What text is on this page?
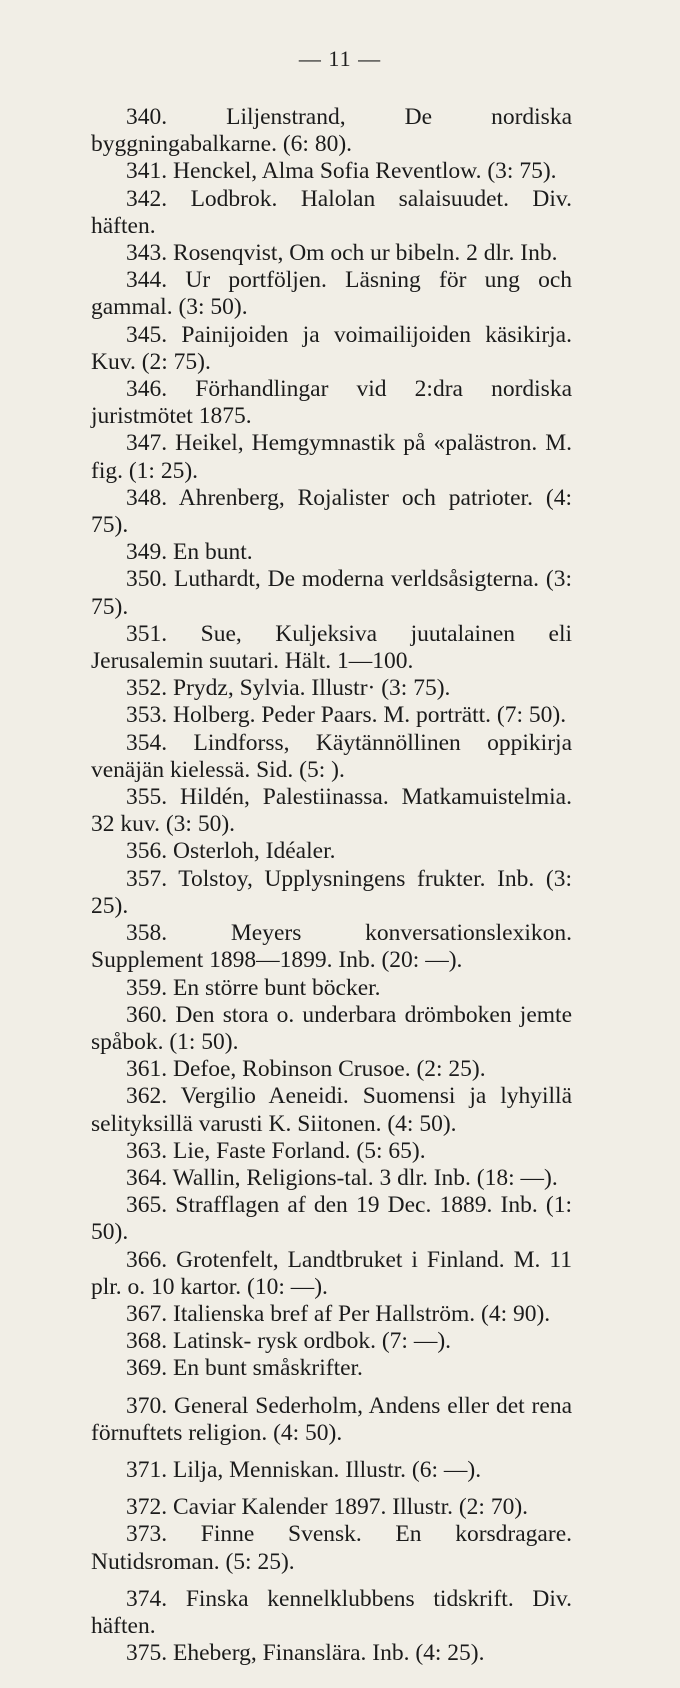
— 11 —

340.	Liljenstrand, De nordiska byggningabalkarne. (6: 80).

341. Henckel, Alma Sofia Reventlow. (3: 75).

342. Lodbrok. Halolan salaisuudet. Div. häften.

343. Rosenqvist, Om och ur bibeln. 2 dlr. Inb.

344. Ur portföljen. Läsning för ung och gammal. (3: 50).

345. Painijoiden ja voimailijoiden käsikirja. Kuv. (2: 75).

346. Förhandlingar vid 2:dra nordiska juristmötet 1875.

347. Heikel, Hemgymnastik på «palästron. M. fig. (1: 25).

348. Ahrenberg, Rojalister och patrioter. (4: 75).

349. En bunt.

350. Luthardt, De moderna verldsåsigterna. (3: 75).

351. Sue, Kuljeksiva juutalainen eli Jerusalemin suutari. Hält. 1—100.

352. Prydz, Sylvia. Illustr· (3: 75).

353. Holberg. Peder Paars. M. porträtt. (7: 50).

354. Lindforss, Käytännöllinen oppikirja venäjän kielessä. Sid. (5: ).

355. Hildén, Palestiinassa. Matkamuistelmia. 32 kuv. (3: 50).

356. Osterloh, Idéaler.

357. Tolstoy, Upplysningens frukter. Inb. (3: 25).

358.	Meyers konversationslexikon. Supplement 1898—1899. Inb. (20: —).

359. En större bunt böcker.

360. Den stora o. underbara drömboken jemte spåbok. (1: 50).

361. Defoe, Robinson Crusoe. (2: 25).

362. Vergilio Aeneidi. Suomensi ja lyhyillä selityksillä varusti K. Siitonen. (4: 50).

363. Lie, Faste Forland. (5: 65).

364. Wallin, Religions-tal. 3 dlr. Inb. (18: —).

365. Strafflagen af den 19 Dec. 1889. Inb. (1: 50).

366. Grotenfelt, Landtbruket i Finland. M. 11 plr. o. 10 kartor. (10: —).

367. Italienska bref af Per Hallström. (4: 90).

368. Latinsk- rysk ordbok. (7: —).

369. En bunt småskrifter.

370. General Sederholm, Andens eller det rena förnuftets religion. (4: 50).

371. Lilja, Menniskan. Illustr. (6: —).

372. Caviar Kalender 1897. Illustr. (2: 70).

373. Finne Svensk. En korsdragare. Nutidsroman. (5: 25).

374. Finska kennelklubbens tidskrift. Div. häften.

375. Eheberg, Finanslära. Inb. (4: 25).
